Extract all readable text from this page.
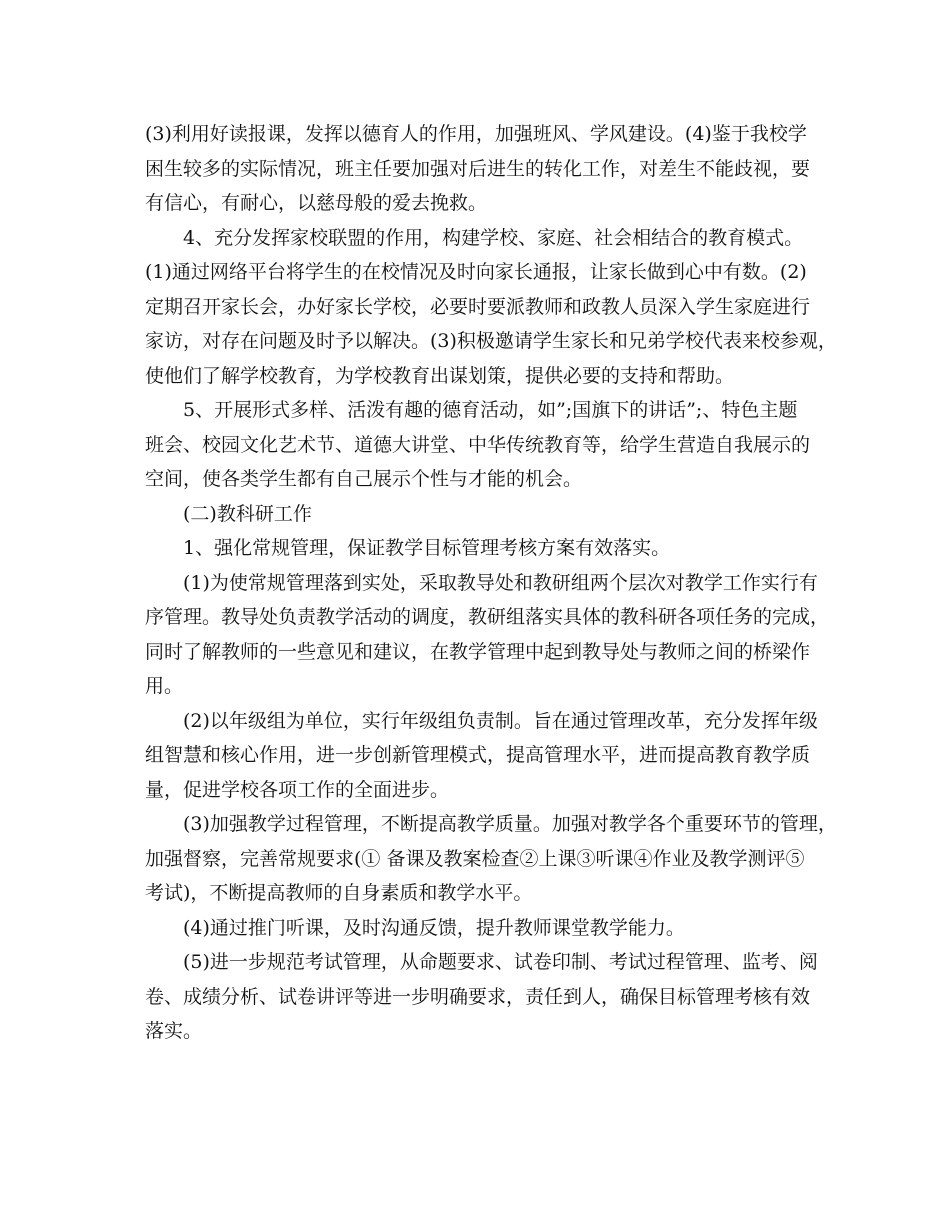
(3)利用好读报课，发挥以德育人的作用，加强班风、学风建设。(4)鉴于我校学
困生较多的实际情况，班主任要加强对后进生的转化工作，对差生不能歧视，要
有信心，有耐心，以慈母般的爱去挽救。
4、充分发挥家校联盟的作用，构建学校、家庭、社会相结合的教育模式。
(1)通过网络平台将学生的在校情况及时向家长通报，让家长做到心中有数。(2)
定期召开家长会，办好家长学校，必要时要派教师和政教人员深入学生家庭进行
家访，对存在问题及时予以解决。(3)积极邀请学生家长和兄弟学校代表来校参观，
使他们了解学校教育，为学校教育出谋划策，提供必要的支持和帮助。
5、开展形式多样、活泼有趣的德育活动，如”;国旗下的讲话”;、特色主题
班会、校园文化艺术节、道德大讲堂、中华传统教育等，给学生营造自我展示的
空间，使各类学生都有自己展示个性与才能的机会。
(二)教科研工作
1、强化常规管理，保证教学目标管理考核方案有效落实。
(1)为使常规管理落到实处，采取教导处和教研组两个层次对教学工作实行有
序管理。教导处负责教学活动的调度，教研组落实具体的教科研各项任务的完成，
同时了解教师的一些意见和建议，在教学管理中起到教导处与教师之间的桥梁作
用。
(2)以年级组为单位，实行年级组负责制。旨在通过管理改革，充分发挥年级
组智慧和核心作用，进一步创新管理模式，提高管理水平，进而提高教育教学质
量，促进学校各项工作的全面进步。
(3)加强教学过程管理，不断提高教学质量。加强对教学各个重要环节的管理，
加强督察，完善常规要求(① 备课及教案检查②上课③听课④作业及教学测评⑤
考试)，不断提高教师的自身素质和教学水平。
(4)通过推门听课，及时沟通反馈，提升教师课堂教学能力。
(5)进一步规范考试管理，从命题要求、试卷印制、考试过程管理、监考、阅
卷、成绩分析、试卷讲评等进一步明确要求，责任到人，确保目标管理考核有效
落实。
